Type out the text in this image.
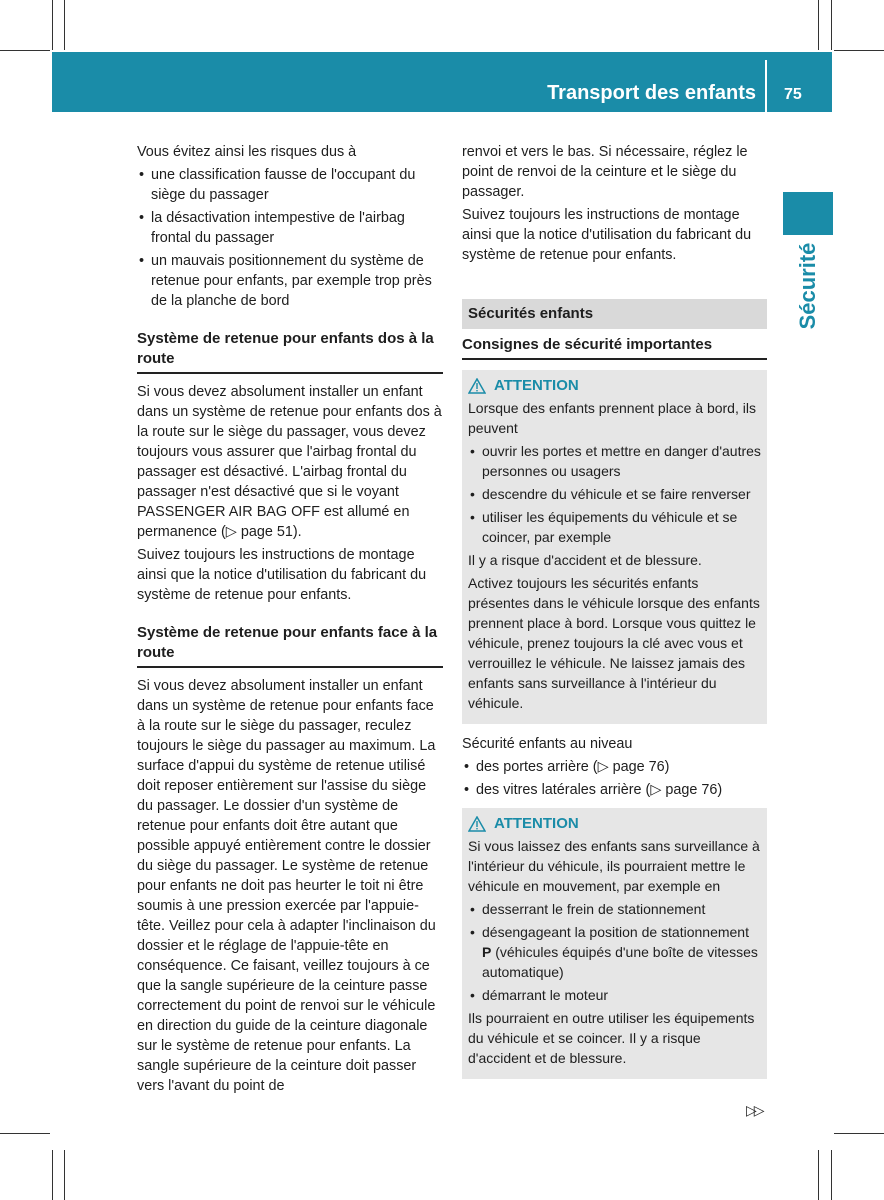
Transport des enfants 75
Sécurité

Vous évitez ainsi les risques dus à

• une classification fausse de l'occupant du siège du passager
• la désactivation intempestive de l'airbag frontal du passager
• un mauvais positionnement du système de retenue pour enfants, par exemple trop près de la planche de bord
Système de retenue pour enfants dos à la route

Si vous devez absolument installer un enfant dans un système de retenue pour enfants dos à la route sur le siège du passager, vous devez toujours vous assurer que l'airbag frontal du passager est désactivé. L'airbag frontal du passager n'est désactivé que si le voyant PASSENGER AIR BAG OFF est allumé en permanence (▷ page 51).

Suivez toujours les instructions de montage ainsi que la notice d'utilisation du fabricant du système de retenue pour enfants.

Système de retenue pour enfants face à la route

Si vous devez absolument installer un enfant dans un système de retenue pour enfants face à la route sur le siège du passager, reculez toujours le siège du passager au maximum. La surface d'appui du système de retenue utilisé doit reposer entièrement sur l'assise du siège du passager. Le dossier d'un système de retenue pour enfants doit être autant que possible appuyé entièrement contre le dossier du siège du passager. Le système de retenue pour enfants ne doit pas heurter le toit ni être soumis à une pression exercée par l'appuie-tête. Veillez pour cela à adapter l'inclinaison du dossier et le réglage de l'appuie-tête en conséquence. Ce faisant, veillez toujours à ce que la sangle supérieure de la ceinture passe correctement du point de renvoi sur le véhicule en direction du guide de la ceinture diagonale sur le système de retenue pour enfants. La sangle supérieure de la ceinture doit passer vers l'avant du point de

renvoi et vers le bas. Si nécessaire, réglez le point de renvoi de la ceinture et le siège du passager.

Suivez toujours les instructions de montage ainsi que la notice d'utilisation du fabricant du système de retenue pour enfants.

Sécurités enfants
Consignes de sécurité importantes
ATTENTION

Lorsque des enfants prennent place à bord, ils peuvent

• ouvrir les portes et mettre en danger d'autres personnes ou usagers
• descendre du véhicule et se faire renverser
• utiliser les équipements du véhicule et se coincer, par exemple

Il y a risque d'accident et de blessure.

Activez toujours les sécurités enfants présentes dans le véhicule lorsque des enfants prennent place à bord. Lorsque vous quittez le véhicule, prenez toujours la clé avec vous et verrouillez le véhicule. Ne laissez jamais des enfants sans surveillance à l'intérieur du véhicule.

Sécurité enfants au niveau

• des portes arrière (▷ page 76)
• des vitres latérales arrière (▷ page 76)
ATTENTION

Si vous laissez des enfants sans surveillance à l'intérieur du véhicule, ils pourraient mettre le véhicule en mouvement, par exemple en

• desserrant le frein de stationnement
• désengageant la position de stationnement P (véhicules équipés d'une boîte de vitesses automatique)
• démarrant le moteur

Ils pourraient en outre utiliser les équipements du véhicule et se coincer. Il y a risque d'accident et de blessure.

▷▷
